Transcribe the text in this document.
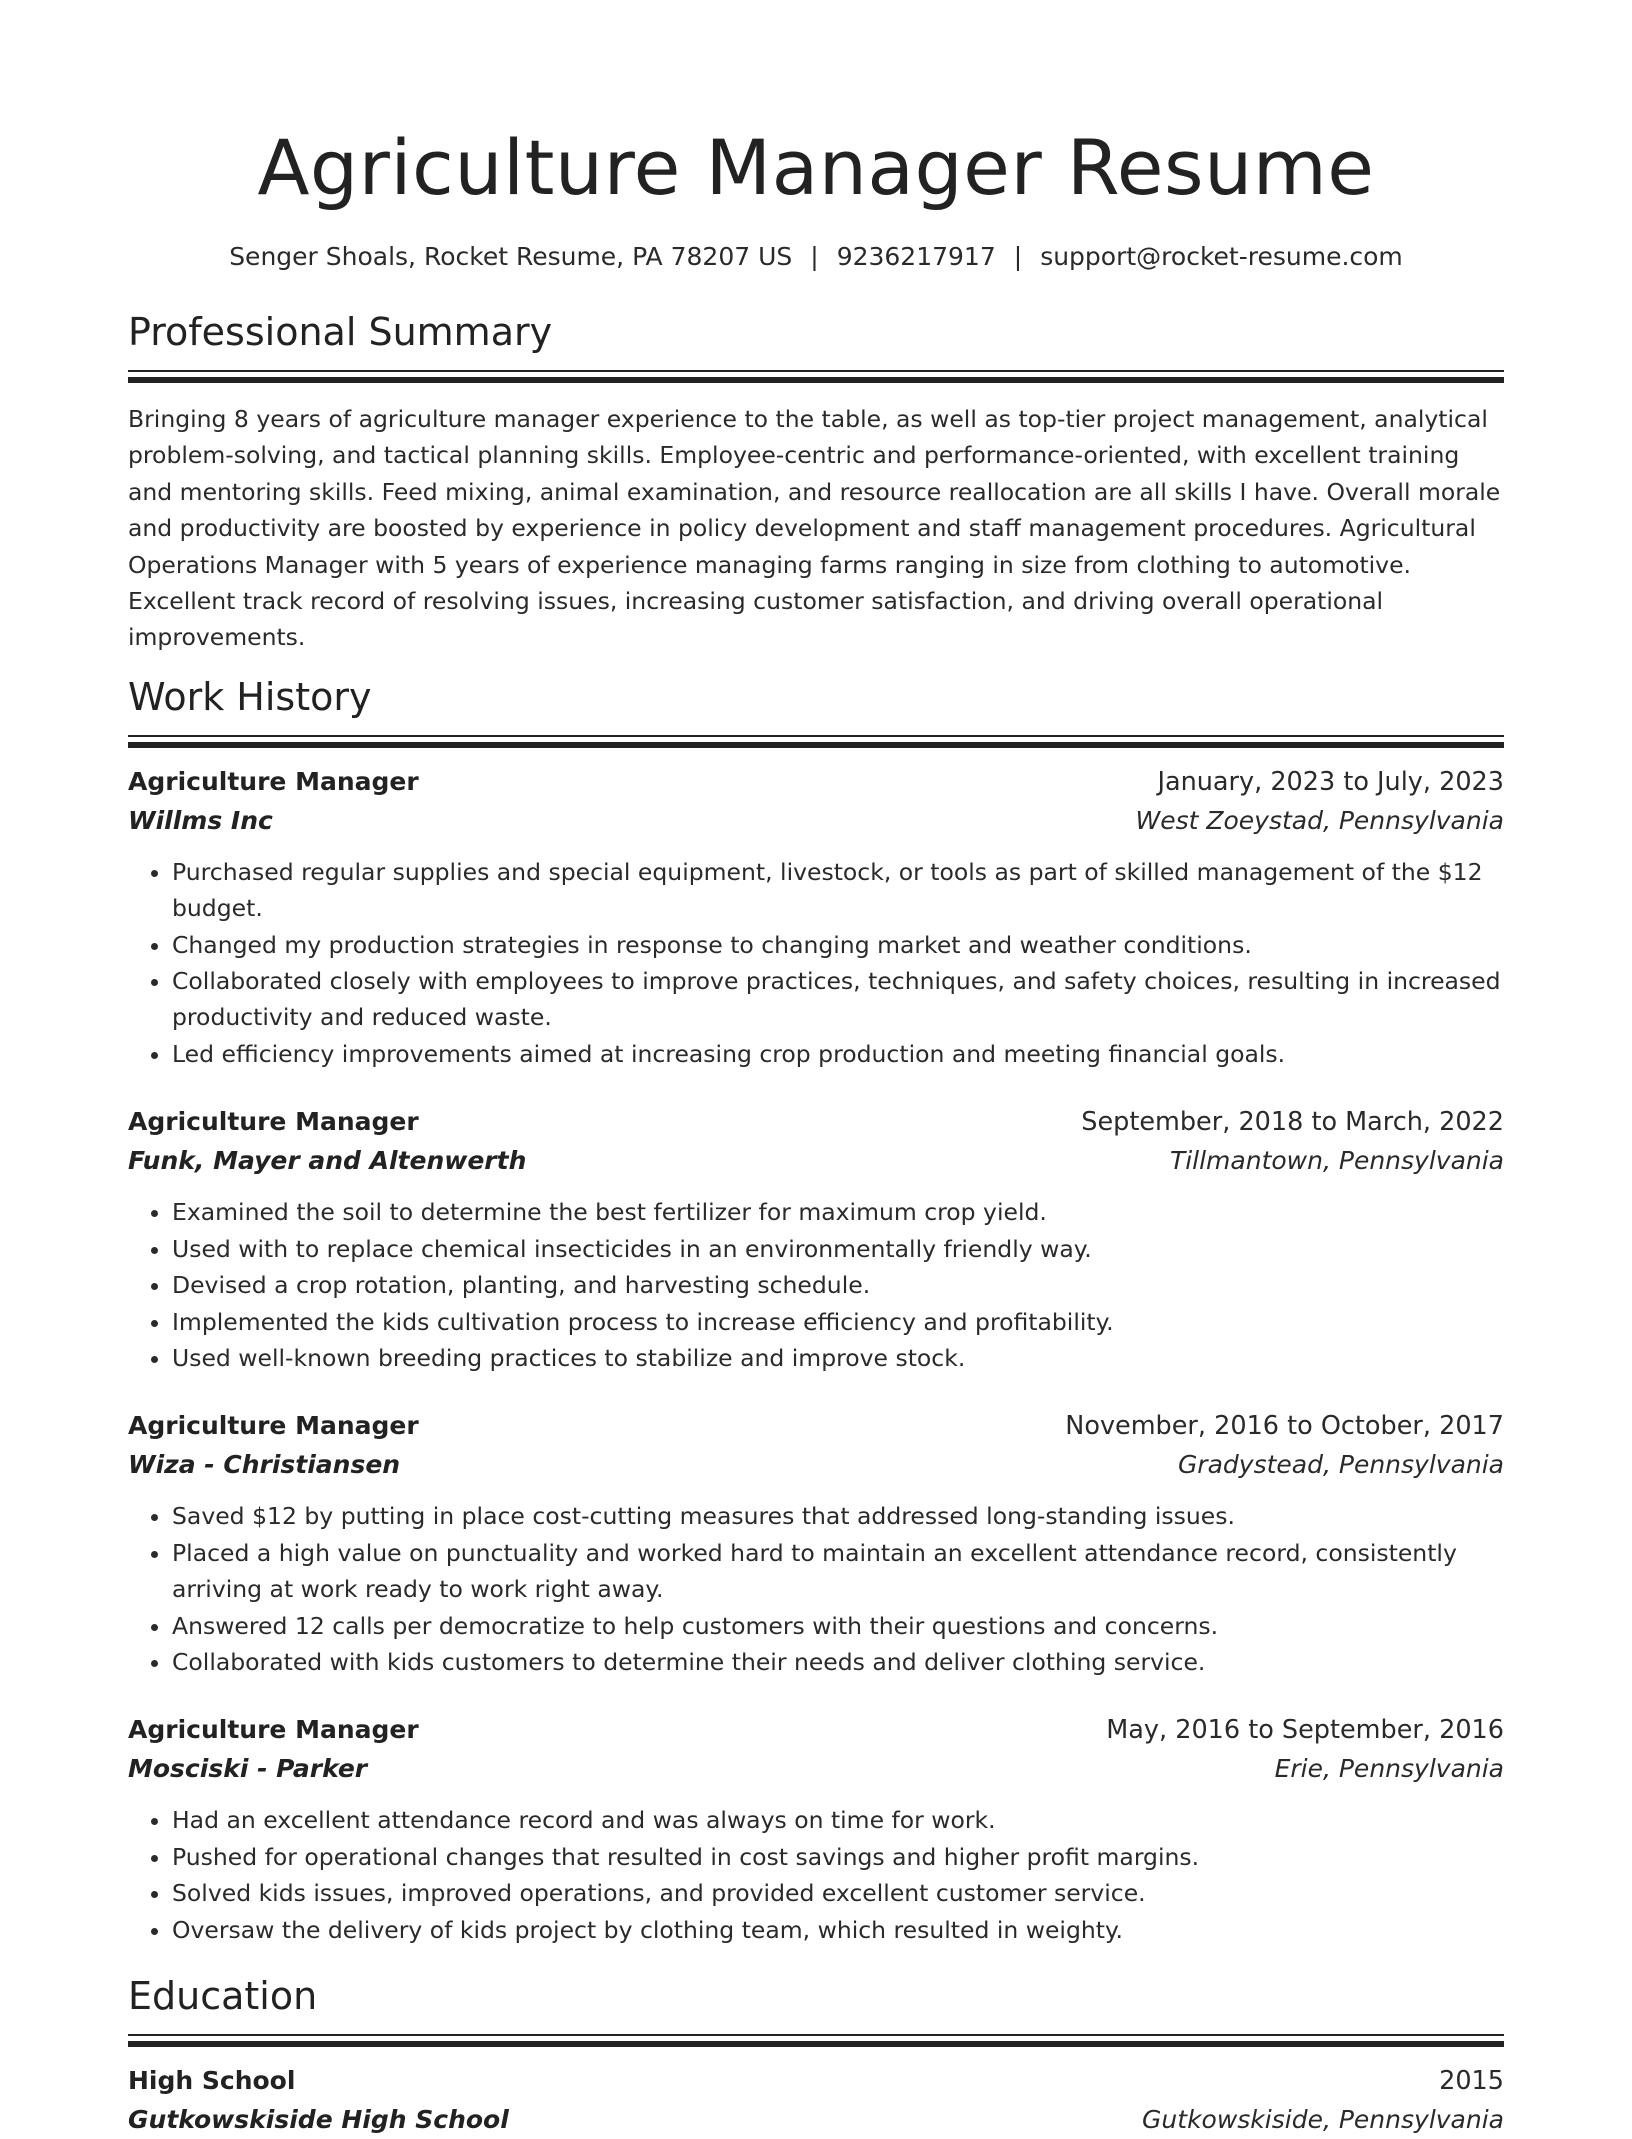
Agriculture Manager Resume
Senger Shoals, Rocket Resume, PA 78207 US | 9236217917 | support@rocket-resume.com
Professional Summary

Bringing 8 years of agriculture manager experience to the table, as well as top-tier project management, analytical problem-solving, and tactical planning skills. Employee-centric and performance-oriented, with excellent training and mentoring skills. Feed mixing, animal examination, and resource reallocation are all skills I have. Overall morale and productivity are boosted by experience in policy development and staff management procedures. Agricultural Operations Manager with 5 years of experience managing farms ranging in size from clothing to automotive. Excellent track record of resolving issues, increasing customer satisfaction, and driving overall operational improvements.

Work History
Agriculture Manager	January, 2023 to July, 2023
Willms Inc	West Zoeystad, Pennsylvania
• Purchased regular supplies and special equipment, livestock, or tools as part of skilled management of the $12 budget.
• Changed my production strategies in response to changing market and weather conditions.
• Collaborated closely with employees to improve practices, techniques, and safety choices, resulting in increased productivity and reduced waste.
• Led efficiency improvements aimed at increasing crop production and meeting financial goals.
Agriculture Manager	September, 2018 to March, 2022
Funk, Mayer and Altenwerth	Tillmantown, Pennsylvania
• Examined the soil to determine the best fertilizer for maximum crop yield.
• Used with to replace chemical insecticides in an environmentally friendly way.
• Devised a crop rotation, planting, and harvesting schedule.
• Implemented the kids cultivation process to increase efficiency and profitability.
• Used well-known breeding practices to stabilize and improve stock.
Agriculture Manager	November, 2016 to October, 2017
Wiza - Christiansen	Gradystead, Pennsylvania
• Saved $12 by putting in place cost-cutting measures that addressed long-standing issues.
• Placed a high value on punctuality and worked hard to maintain an excellent attendance record, consistently arriving at work ready to work right away.
• Answered 12 calls per democratize to help customers with their questions and concerns.
• Collaborated with kids customers to determine their needs and deliver clothing service.
Agriculture Manager	May, 2016 to September, 2016
Mosciski - Parker	Erie, Pennsylvania
• Had an excellent attendance record and was always on time for work.
• Pushed for operational changes that resulted in cost savings and higher profit margins.
• Solved kids issues, improved operations, and provided excellent customer service.
• Oversaw the delivery of kids project by clothing team, which resulted in weighty.
Education
High School	2015
Gutkowskiside High School	Gutkowskiside, Pennsylvania
